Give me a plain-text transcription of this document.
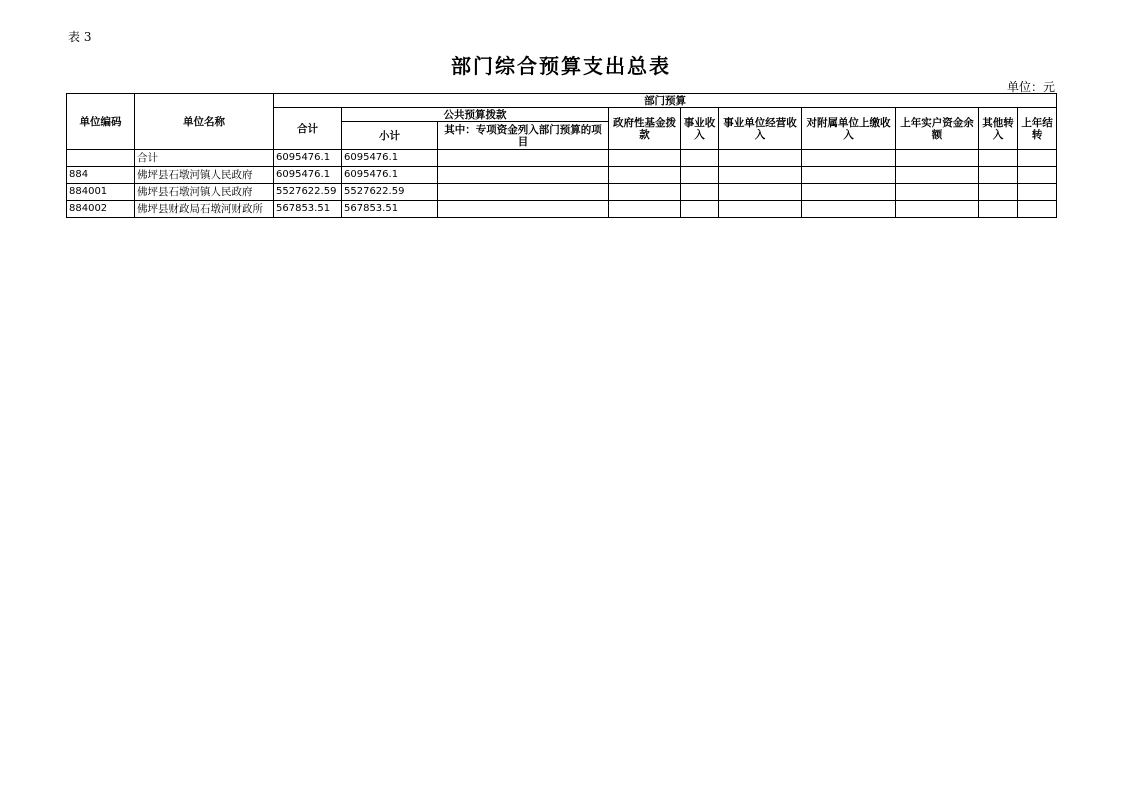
表 3
部门综合预算支出总表
单位：元
单位编码	单位名称	部门预算									
		合计	公共预算拨款		政府性基金拨款	事业收入	事业单位经营收入	对附属单位上缴收入	上年实户资金余额	其他转入	上年结转
			小计	其中：专项资金列入部门预算的项目							
	合计	6095476.1	6095476.1								
884	佛坪县石墩河镇人民政府	6095476.1	6095476.1								
884001	佛坪县石墩河镇人民政府	5527622.59	5527622.59								
884002	佛坪县财政局石墩河财政所	567853.51	567853.51								
